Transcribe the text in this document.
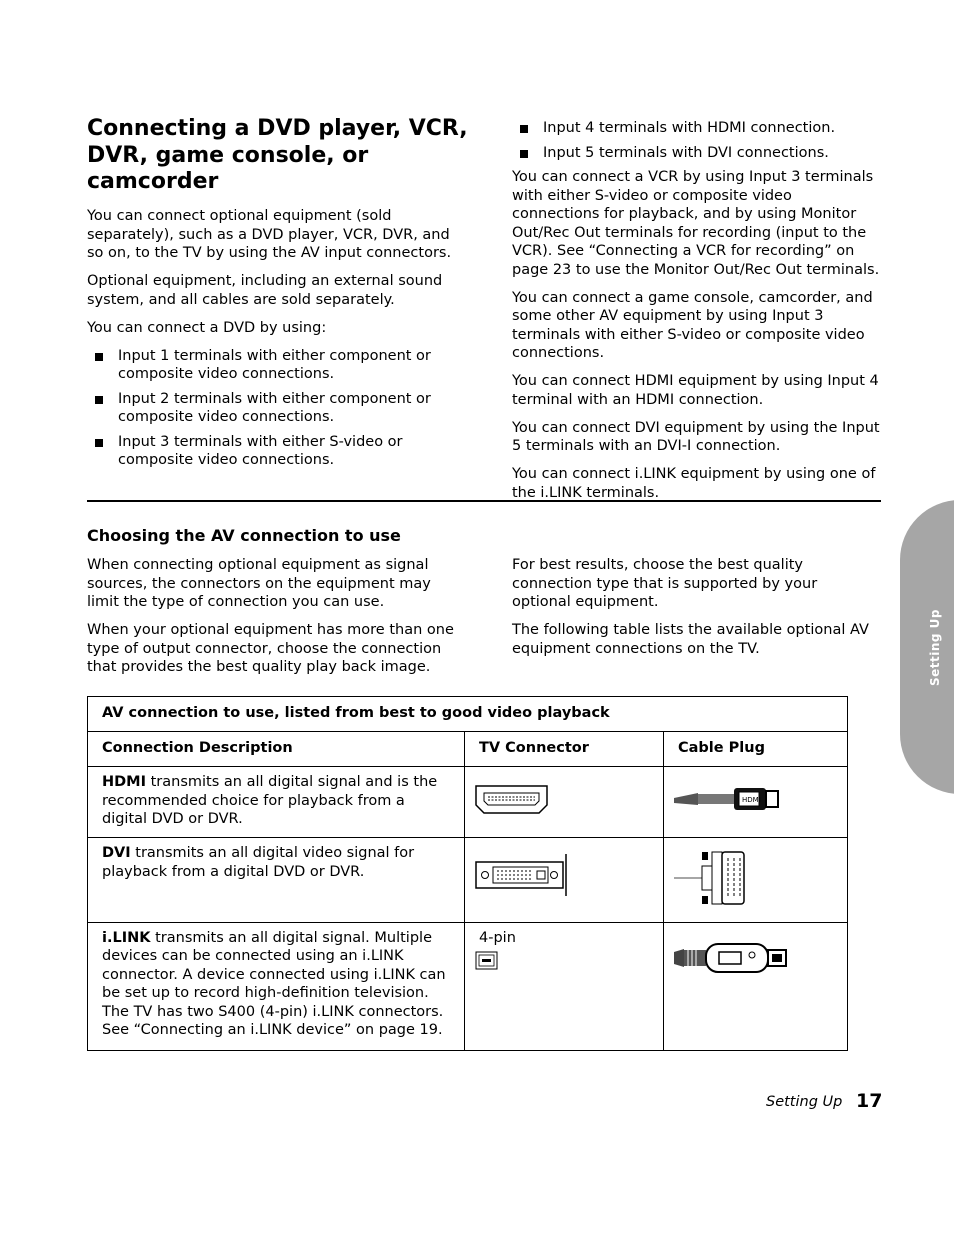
Connecting a DVD player, VCR, DVR, game console, or camcorder

You can connect optional equipment (sold separately), such as a DVD player, VCR, DVR, and so on, to the TV by using the AV input connectors.

Optional equipment, including an external sound system, and all cables are sold separately.

You can connect a DVD by using:

Input 1 terminals with either component or composite video connections.
Input 2 terminals with either component or composite video connections.
Input 3 terminals with either S-video or composite video connections.
Input 4 terminals with HDMI connection.
Input 5 terminals with DVI connections.

You can connect a VCR by using Input 3 terminals with either S-video or composite video connections for playback, and by using Monitor Out/Rec Out terminals for recording (input to the VCR). See “Connecting a VCR for recording” on page 23 to use the Monitor Out/Rec Out terminals.

You can connect a game console, camcorder, and some other AV equipment by using Input 3 terminals with either S-video or composite video connections.

You can connect HDMI equipment by using Input 4 terminal with an HDMI connection.

You can connect DVI equipment by using the Input 5 terminals with an DVI-I connection.

You can connect i.LINK equipment by using one of the i.LINK terminals.

Choosing the AV connection to use

When connecting optional equipment as signal sources, the connectors on the equipment may limit the type of connection you can use.

When your optional equipment has more than one type of output connector, choose the connection that provides the best quality play back image.

For best results, choose the best quality connection type that is supported by your optional equipment.

The following table lists the available optional AV equipment connections on the TV.

AV connection to use, listed from best to good video playback		
Connection Description	TV Connector	Cable Plug
HDMI transmits an all digital signal and is the recommended choice for playback from a digital DVD or DVR.		HDMI

DVI transmits an all digital video signal for playback from a digital DVD or DVR.		
i.LINK transmits an all digital signal. Multiple devices can be connected using an i.LINK connector. A device connected using i.LINK can be set up to record high-definition television. The TV has two S400 (4-pin) i.LINK connectors. See “Connecting an i.LINK device” on page 19.	4-pin

Setting Up
Setting Up 17
